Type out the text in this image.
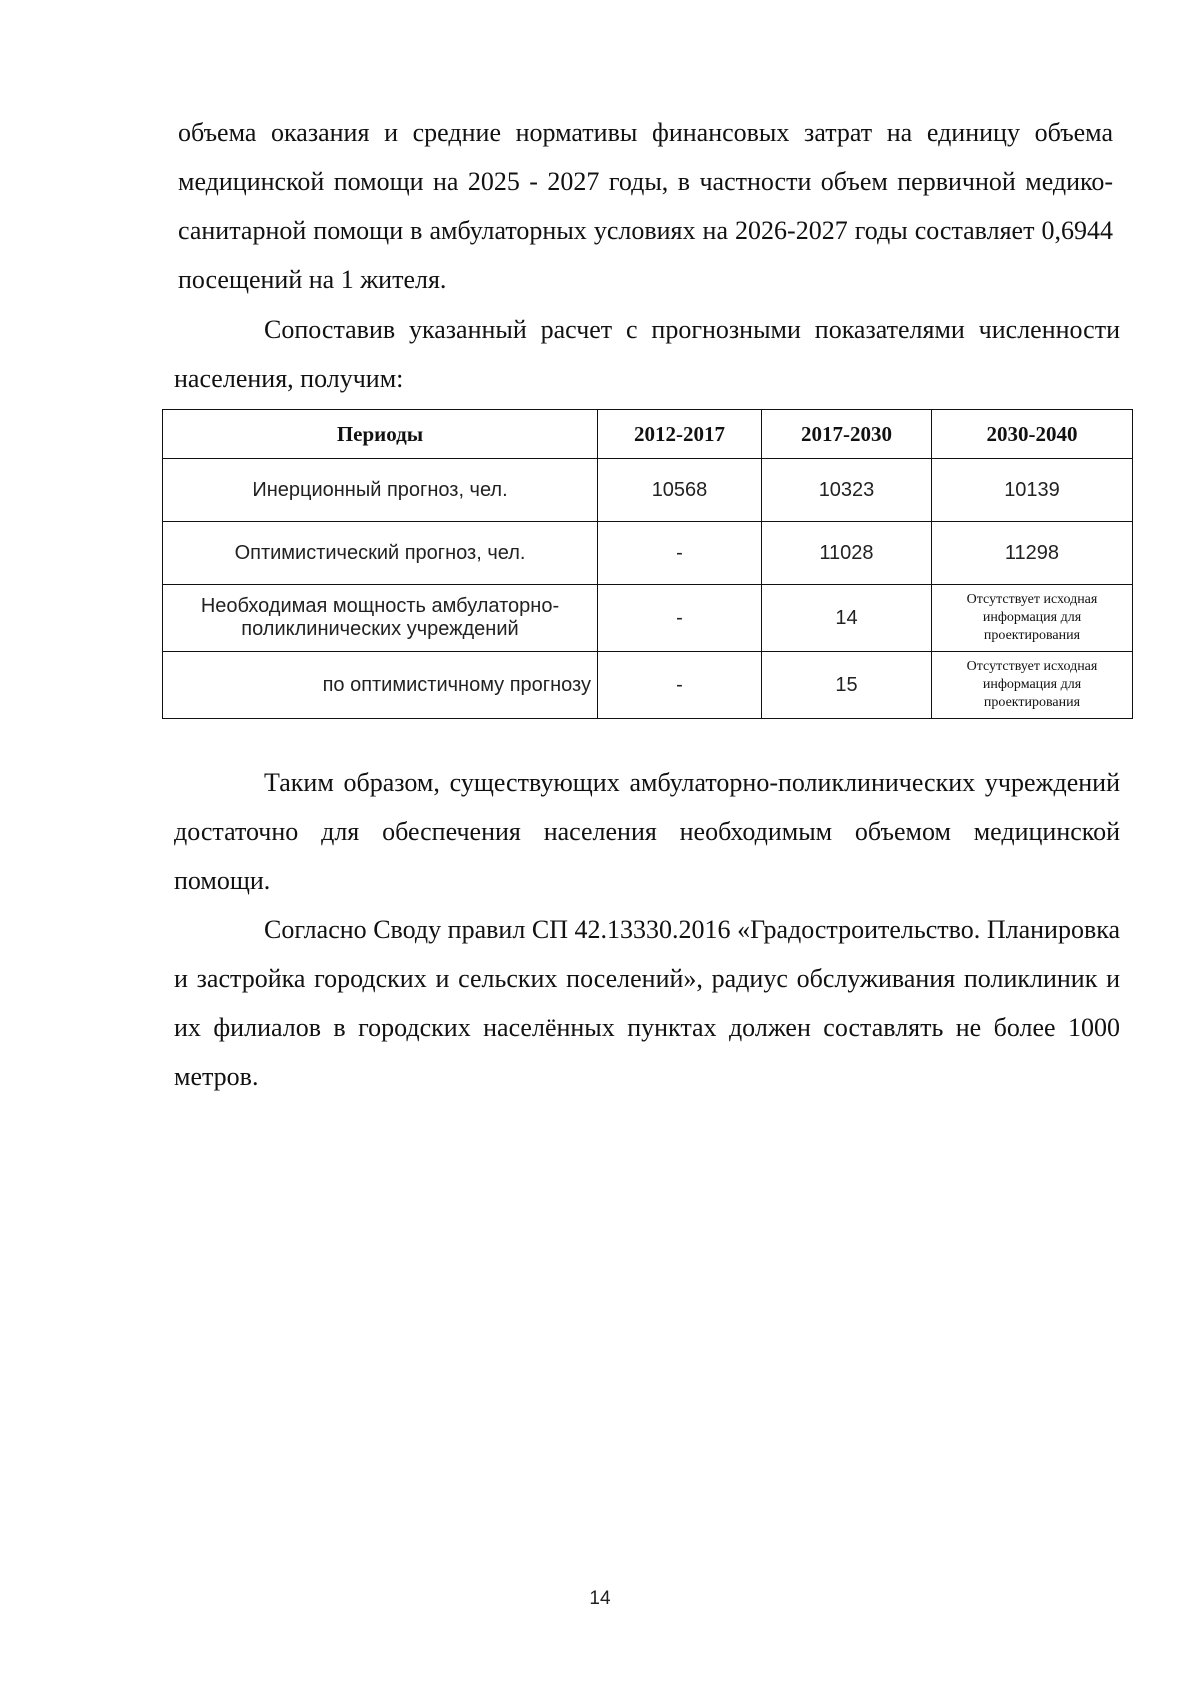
объема оказания и средние нормативы финансовых затрат на единицу объема медицинской помощи на 2025 - 2027 годы, в частности объем первичной медико-санитарной помощи в амбулаторных условиях на 2026-2027 годы составляет 0,6944 посещений на 1 жителя.

Сопоставив указанный расчет с прогнозными показателями численности населения, получим:

Периоды	2012-2017	2017-2030	2030-2040
Инерционный прогноз, чел.	10568	10323	10139
Оптимистический прогноз, чел.	-	11028	11298
Необходимая мощность амбулаторно-поликлинических учреждений	-	14	Отсутствует исходная информация для проектирования
по оптимистичному прогнозу	-	15	Отсутствует исходная информация для проектирования

Таким образом, существующих амбулаторно-поликлинических учреждений достаточно для обеспечения населения необходимым объемом медицинской помощи.

Согласно Своду правил СП 42.13330.2016 «Градостроительство. Планировка и застройка городских и сельских поселений», радиус обслуживания поликлиник и их филиалов в городских населённых пунктах должен составлять не более 1000 метров.

14
